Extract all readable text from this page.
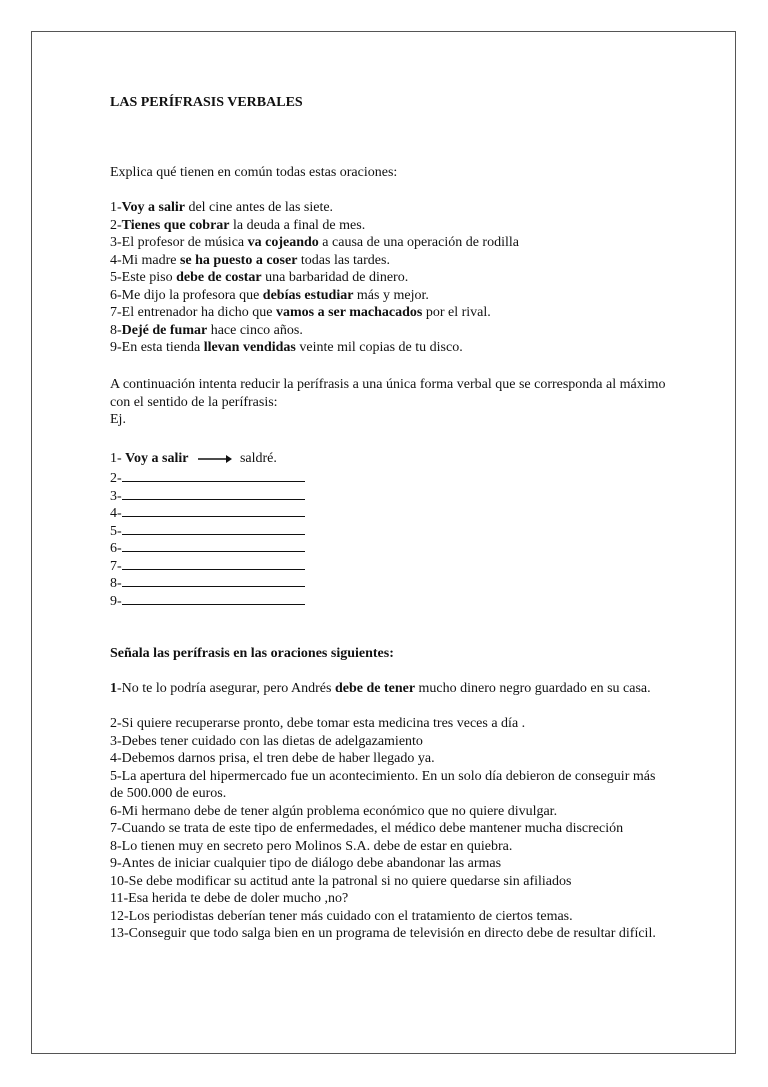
LAS PERÍFRASIS VERBALES
Explica qué tienen en común todas estas oraciones:
1-Voy a salir del cine antes de las siete.
2-Tienes que cobrar la deuda a final de mes.
3-El profesor de música va cojeando a causa de una operación de rodilla
4-Mi madre se ha puesto a coser todas las tardes.
5-Este piso debe de costar una barbaridad de dinero.
6-Me dijo la profesora que debías estudiar más y mejor.
7-El entrenador ha dicho que vamos a ser machacados por el rival.
8-Dejé de fumar hace cinco años.
9-En esta tienda llevan vendidas veinte mil copias de tu disco.
A continuación intenta reducir la perífrasis a una única forma verbal que se corresponda al máximo con el sentido de la perífrasis:
Ej.
1- Voy a salir	saldré.
2-
3-
4-
5-
6-
7-
8-
9-
Señala las perífrasis en las oraciones siguientes:
1-No te lo podría asegurar, pero Andrés debe de tener mucho dinero negro guardado en su casa.
2-Si quiere recuperarse pronto, debe tomar esta medicina tres veces a día .
3-Debes tener cuidado con las dietas de adelgazamiento
4-Debemos darnos prisa, el tren debe de haber llegado ya.
5-La apertura del hipermercado fue un acontecimiento. En un solo día debieron de conseguir más de 500.000 de euros.
6-Mi hermano debe de tener algún problema económico que no quiere divulgar.
7-Cuando se trata de este tipo de enfermedades, el médico debe mantener mucha discreción
8-Lo tienen muy en secreto pero Molinos S.A. debe de estar en quiebra.
9-Antes de iniciar cualquier tipo de diálogo debe abandonar las armas
10-Se debe modificar su actitud ante la patronal si no quiere quedarse sin afiliados
11-Esa herida te debe de doler mucho ,no?
12-Los periodistas deberían tener más cuidado con el tratamiento de ciertos temas.
13-Conseguir que todo salga bien en un programa de televisión en directo debe de resultar difícil.
